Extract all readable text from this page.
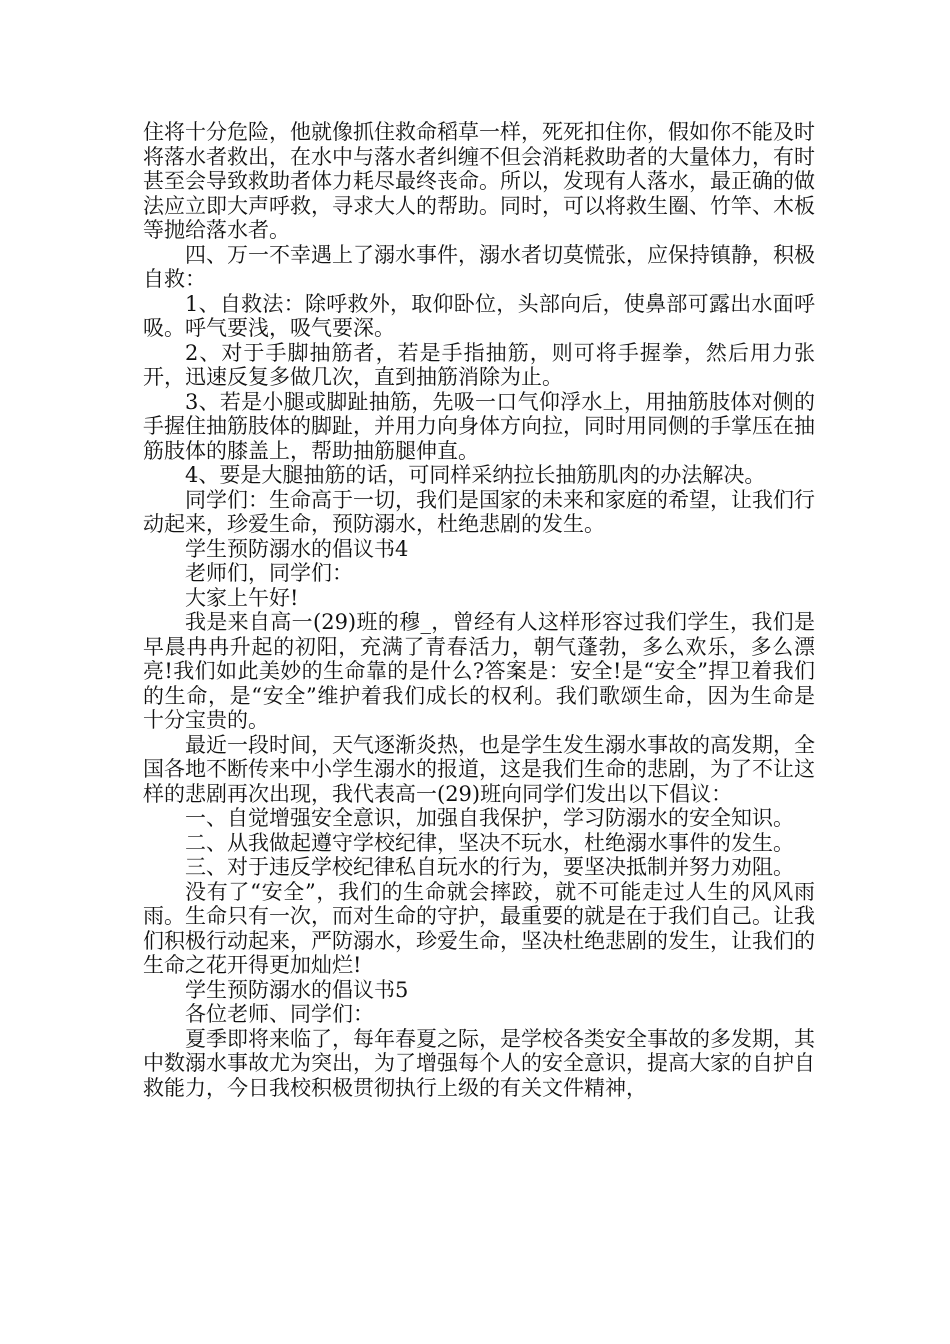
住将十分危险，他就像抓住救命稻草一样，死死扣住你，假如你不能及时将落水者救出，在水中与落水者纠缠不但会消耗救助者的大量体力，有时甚至会导致救助者体力耗尽最终丧命。所以，发现有人落水，最正确的做法应立即大声呼救，寻求大人的帮助。同时，可以将救生圈、竹竿、木板等抛给落水者。

四、万一不幸遇上了溺水事件，溺水者切莫慌张，应保持镇静，积极自救：

1、自救法：除呼救外，取仰卧位，头部向后，使鼻部可露出水面呼吸。呼气要浅，吸气要深。

2、对于手脚抽筋者，若是手指抽筋，则可将手握拳，然后用力张开，迅速反复多做几次，直到抽筋消除为止。

3、若是小腿或脚趾抽筋，先吸一口气仰浮水上，用抽筋肢体对侧的手握住抽筋肢体的脚趾，并用力向身体方向拉，同时用同侧的手掌压在抽筋肢体的膝盖上，帮助抽筋腿伸直。

4、要是大腿抽筋的话，可同样采纳拉长抽筋肌肉的办法解决。

同学们：生命高于一切，我们是国家的未来和家庭的希望，让我们行动起来，珍爱生命，预防溺水，杜绝悲剧的发生。

学生预防溺水的倡议书4

老师们，同学们：

大家上午好!

我是来自高一(29)班的穆_，曾经有人这样形容过我们学生，我们是早晨冉冉升起的初阳，充满了青春活力，朝气蓬勃，多么欢乐，多么漂亮!我们如此美妙的生命靠的是什么?答案是：安全!是“安全”捍卫着我们的生命，是“安全”维护着我们成长的权利。我们歌颂生命，因为生命是十分宝贵的。

最近一段时间，天气逐渐炎热，也是学生发生溺水事故的高发期，全国各地不断传来中小学生溺水的报道，这是我们生命的悲剧，为了不让这样的悲剧再次出现，我代表高一(29)班向同学们发出以下倡议：

一、自觉增强安全意识，加强自我保护，学习防溺水的安全知识。

二、从我做起遵守学校纪律，坚决不玩水，杜绝溺水事件的发生。

三、对于违反学校纪律私自玩水的行为，要坚决抵制并努力劝阻。

没有了“安全”，我们的生命就会摔跤，就不可能走过人生的风风雨雨。生命只有一次，而对生命的守护，最重要的就是在于我们自己。让我们积极行动起来，严防溺水，珍爱生命，坚决杜绝悲剧的发生，让我们的生命之花开得更加灿烂!

学生预防溺水的倡议书5

各位老师、同学们：

夏季即将来临了，每年春夏之际，是学校各类安全事故的多发期，其中数溺水事故尤为突出，为了增强每个人的安全意识，提高大家的自护自救能力，今日我校积极贯彻执行上级的有关文件精神，
